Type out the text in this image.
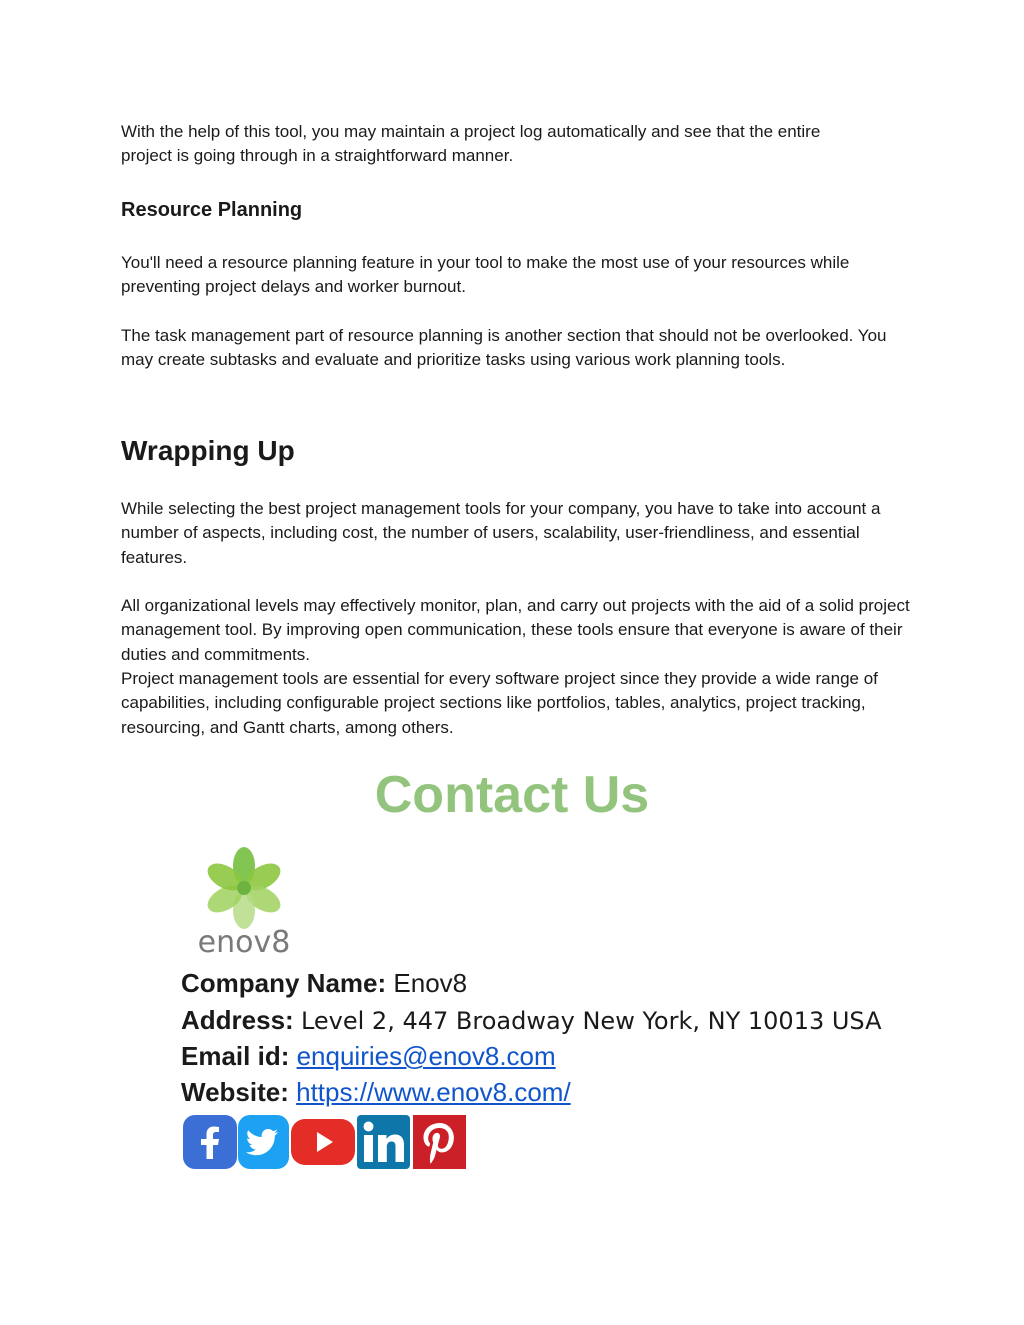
With the help of this tool, you may maintain a project log automatically and see that the entire
project is going through in a straightforward manner.

Resource Planning

You'll need a resource planning feature in your tool to make the most use of your resources while preventing project delays and worker burnout.

The task management part of resource planning is another section that should not be overlooked. You may create subtasks and evaluate and prioritize tasks using various work planning tools.

Wrapping Up

While selecting the best project management tools for your company, you have to take into account a number of aspects, including cost, the number of users, scalability, user-friendliness, and essential features.

All organizational levels may effectively monitor, plan, and carry out projects with the aid of a solid project management tool. By improving open communication, these tools ensure that everyone is aware of their duties and commitments.

Project management tools are essential for every software project since they provide a wide range of capabilities, including configurable project sections like portfolios, tables, analytics, project tracking, resourcing, and Gantt charts, among others.

Contact Us
enov8
Company Name: Enov8
Address: Level 2, 447 Broadway New York, NY 10013 USA
Email id: enquiries@enov8.com
Website: https://www.enov8.com/
